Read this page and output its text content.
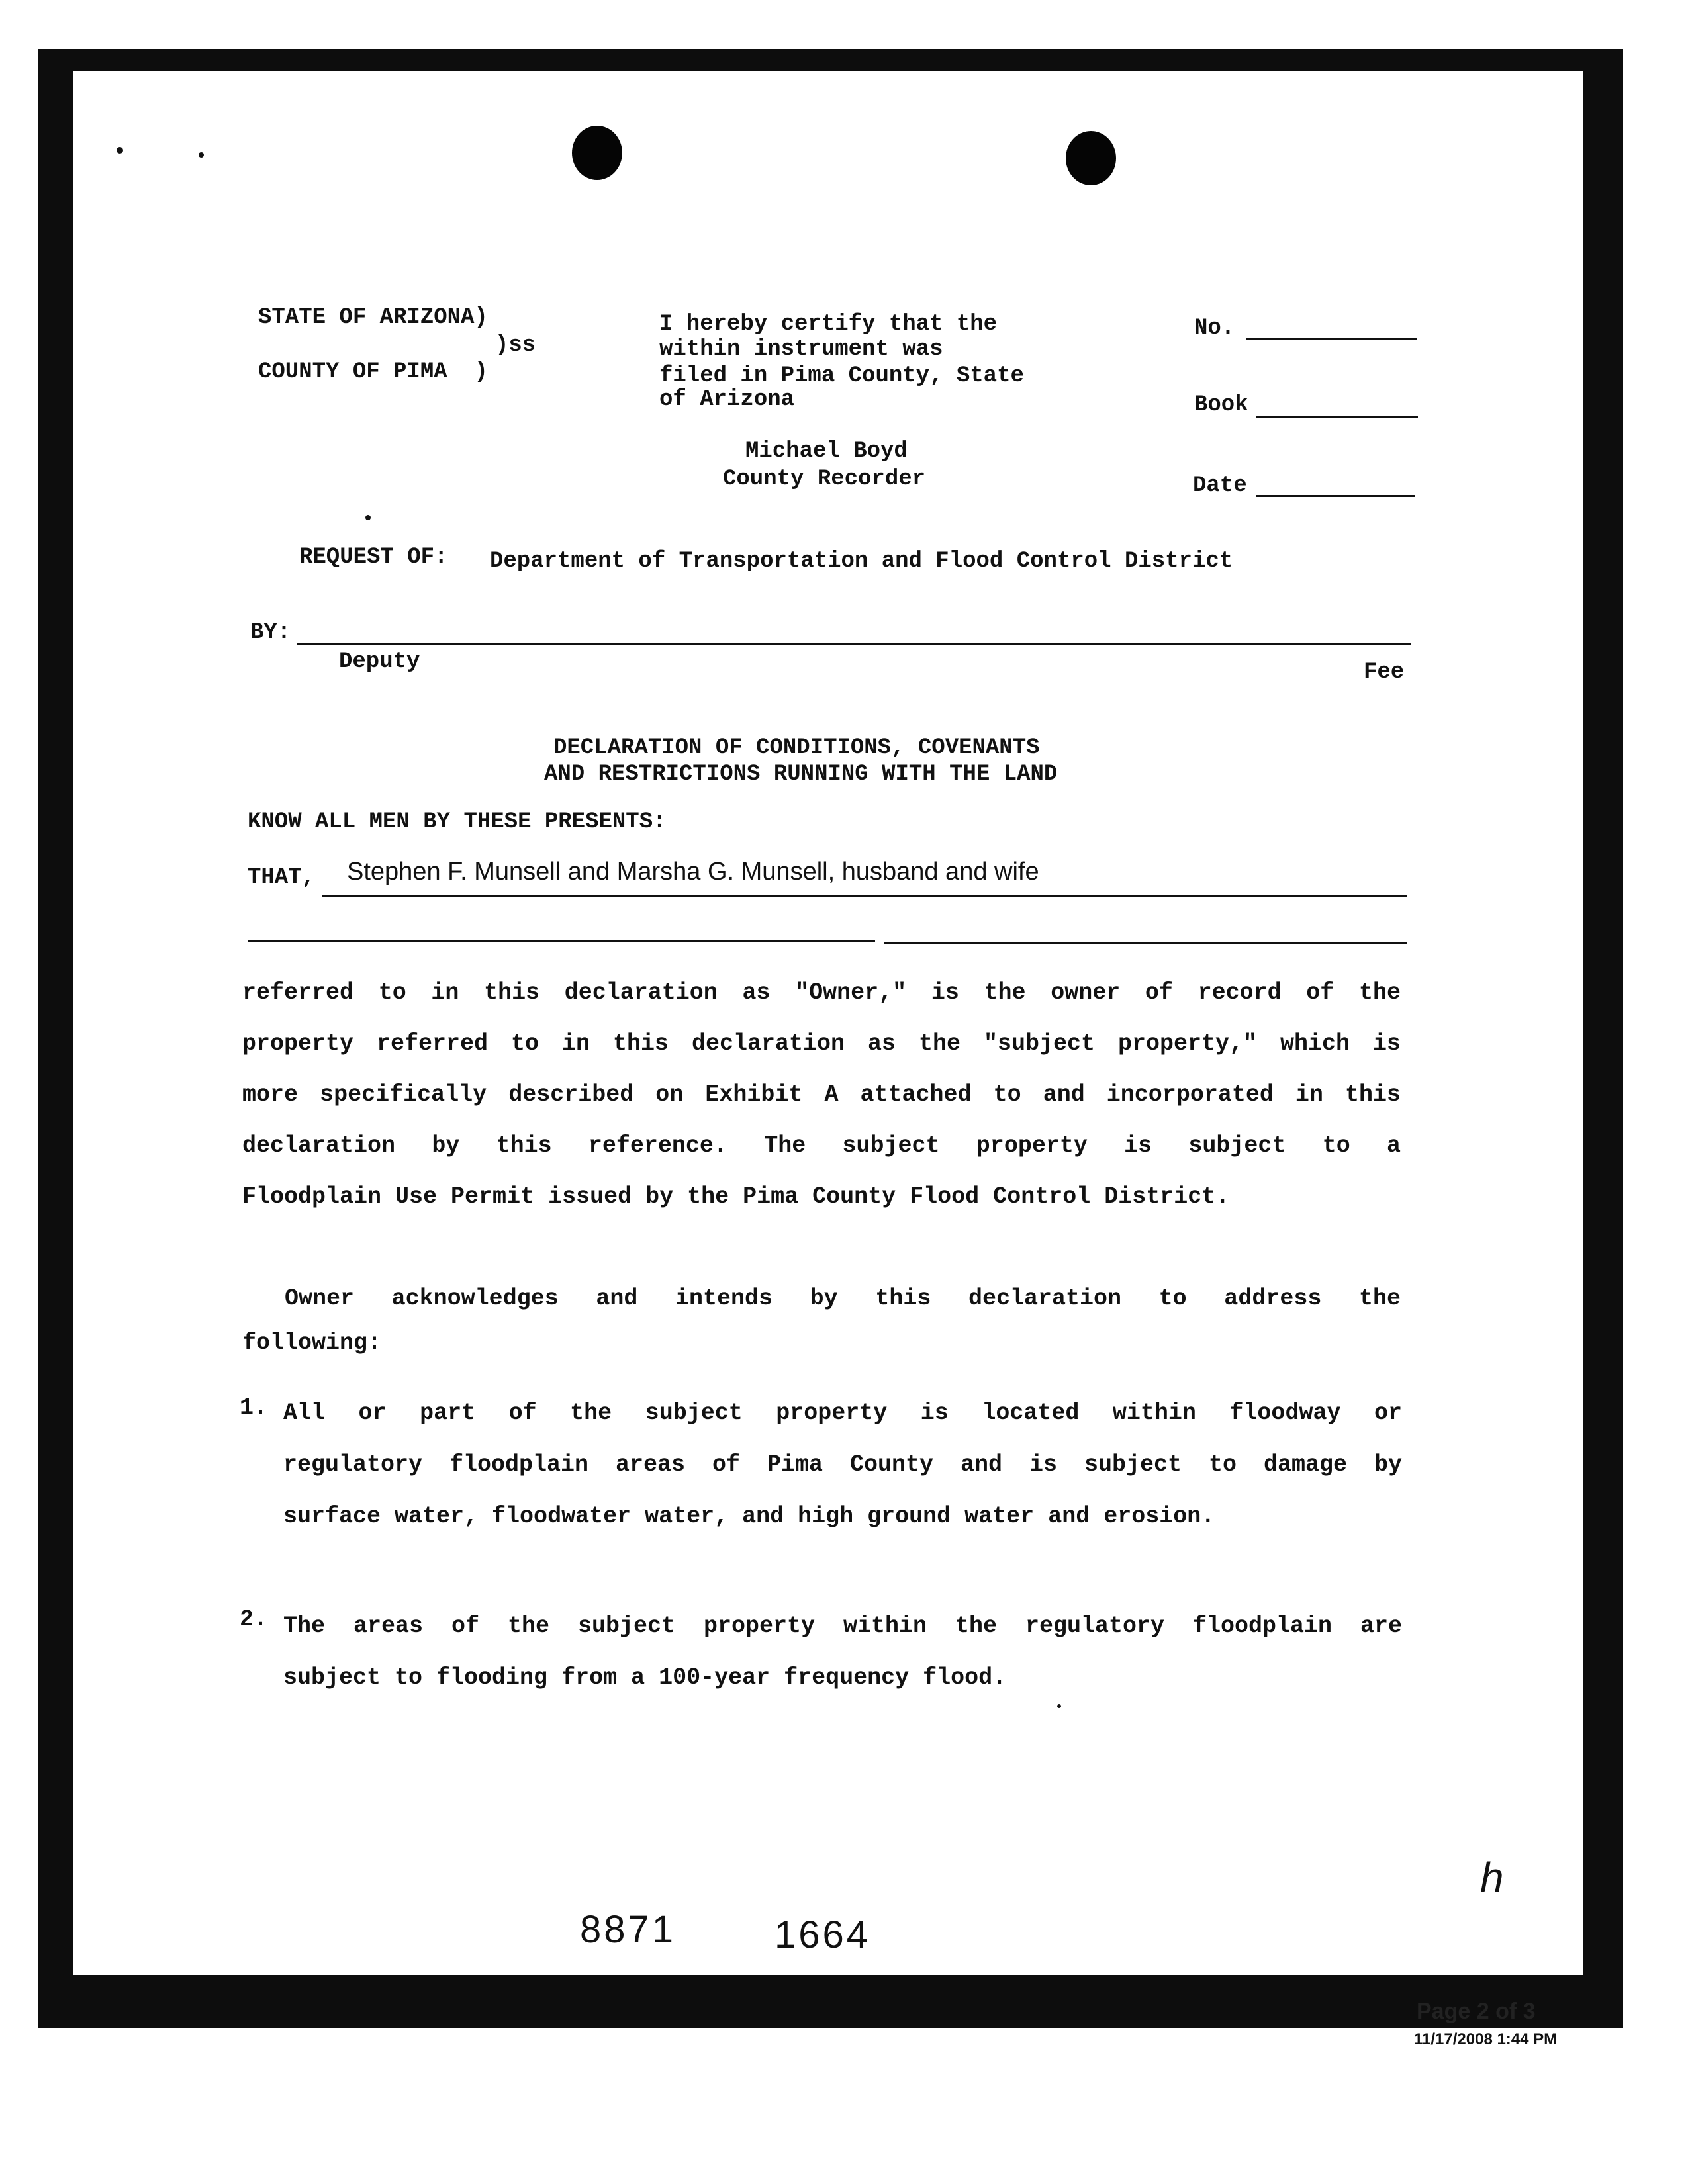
STATE OF ARIZONA)
)ss
COUNTY OF PIMA  )
I hereby certify that the
within instrument was
filed in Pima County, State
of Arizona
Michael Boyd
County Recorder
No.
Book
Date
REQUEST OF: Department of Transportation and Flood Control District
BY:
Deputy	Fee
DECLARATION OF CONDITIONS, COVENANTS
AND RESTRICTIONS RUNNING WITH THE LAND
KNOW ALL MEN BY THESE PRESENTS:
THAT, Stephen F. Munsell and Marsha G. Munsell, husband and wife
referred to in this declaration as "Owner," is the owner of record of the
property referred to in this declaration as the "subject property," which is
more specifically described on Exhibit A attached to and incorporated in this
declaration by this reference. The subject property is subject to a
Floodplain Use Permit issued by the Pima County Flood Control District.
Owner acknowledges and intends by this declaration to address the
following:
1. All or part of the subject property is located within floodway or
regulatory floodplain areas of Pima County and is subject to damage by
surface water, floodwater water, and high ground water and erosion.
2. The areas of the subject property within the regulatory floodplain are
subject to flooding from a 100-year frequency flood.
h
8871	1664
Page 2 of 3
11/17/2008 1:44 PM
